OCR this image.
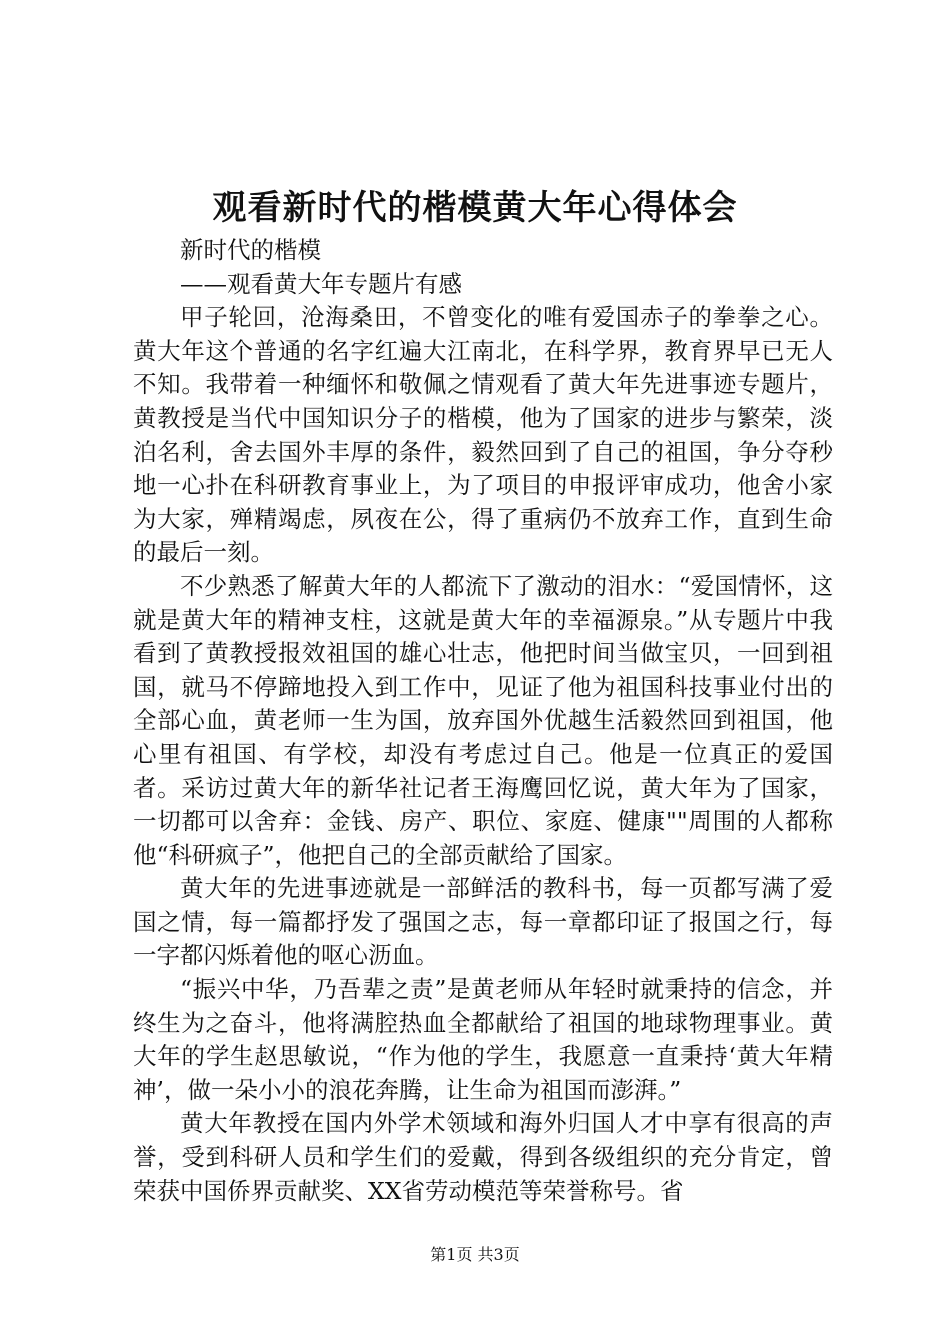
观看新时代的楷模黄大年心得体会

新时代的楷模

——观看黄大年专题片有感

甲子轮回，沧海桑田，不曾变化的唯有爱国赤子的拳拳之心。黄大年这个普通的名字红遍大江南北，在科学界，教育界早已无人不知。我带着一种缅怀和敬佩之情观看了黄大年先进事迹专题片，黄教授是当代中国知识分子的楷模，他为了国家的进步与繁荣，淡泊名利，舍去国外丰厚的条件，毅然回到了自己的祖国，争分夺秒地一心扑在科研教育事业上，为了项目的申报评审成功，他舍小家为大家，殚精竭虑，夙夜在公，得了重病仍不放弃工作，直到生命的最后一刻。

不少熟悉了解黄大年的人都流下了激动的泪水：“爱国情怀，这就是黄大年的精神支柱，这就是黄大年的幸福源泉。”从专题片中我看到了黄教授报效祖国的雄心壮志，他把时间当做宝贝，一回到祖国，就马不停蹄地投入到工作中，见证了他为祖国科技事业付出的全部心血，黄老师一生为国，放弃国外优越生活毅然回到祖国，他心里有祖国、有学校，却没有考虑过自己。他是一位真正的爱国者。采访过黄大年的新华社记者王海鹰回忆说，黄大年为了国家，一切都可以舍弃：金钱、房产、职位、家庭、健康""周围的人都称他“科研疯子”，他把自己的全部贡献给了国家。

黄大年的先进事迹就是一部鲜活的教科书，每一页都写满了爱国之情，每一篇都抒发了强国之志，每一章都印证了报国之行，每一字都闪烁着他的呕心沥血。

“振兴中华，乃吾辈之责”是黄老师从年轻时就秉持的信念，并终生为之奋斗，他将满腔热血全都献给了祖国的地球物理事业。黄大年的学生赵思敏说，“作为他的学生，我愿意一直秉持‘黄大年精神’，做一朵小小的浪花奔腾，让生命为祖国而澎湃。”

黄大年教授在国内外学术领域和海外归国人才中享有很高的声誉，受到科研人员和学生们的爱戴，得到各级组织的充分肯定，曾荣获中国侨界贡献奖、XX省劳动模范等荣誉称号。省

第1页 共3页
